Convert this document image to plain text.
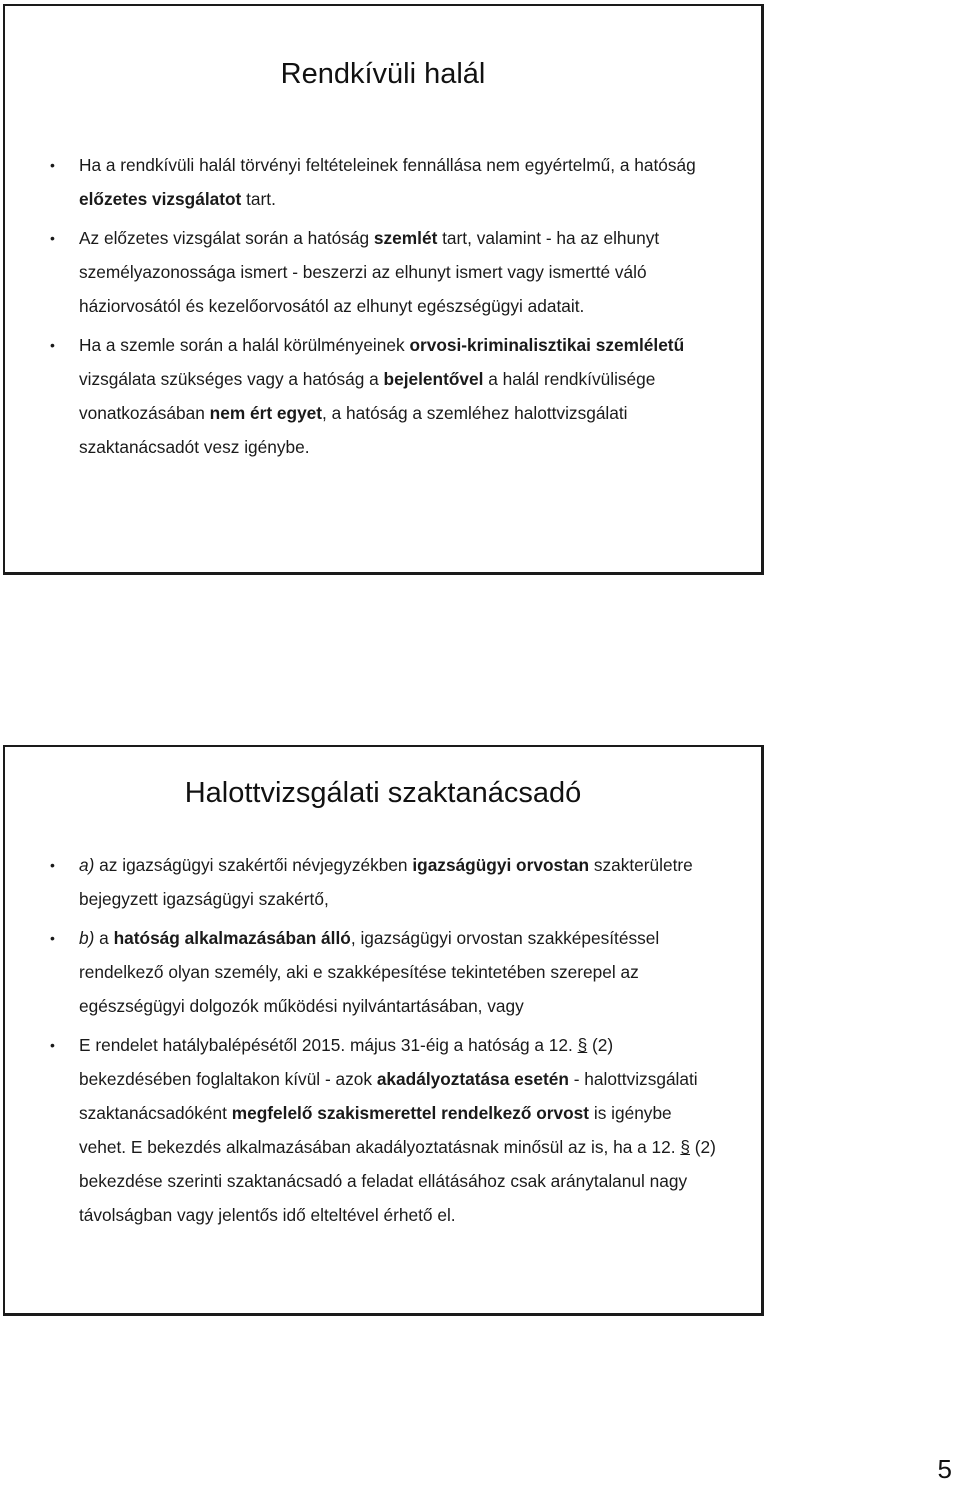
Rendkívüli halál
• Ha a rendkívüli halál törvényi feltételeinek fennállása nem egyértelmű, a hatóság előzetes vizsgálatot tart.
• Az előzetes vizsgálat során a hatóság szemlét tart, valamint - ha az elhunyt személyazonossága ismert - beszerzi az elhunyt ismert vagy ismertté váló háziorvosától és kezelőorvosától az elhunyt egészségügyi adatait.
• Ha a szemle során a halál körülményeinek orvosi-kriminalisztikai szemléletű vizsgálata szükséges vagy a hatóság a bejelentővel a halál rendkívülisége vonatkozásában nem ért egyet, a hatóság a szemléhez halottvizsgálati szaktanácsadót vesz igénybe.
Halottvizsgálati szaktanácsadó
• a) az igazságügyi szakértői névjegyzékben igazságügyi orvostan szakterületre bejegyzett igazságügyi szakértő,
• b) a hatóság alkalmazásában álló, igazságügyi orvostan szakképesítéssel rendelkező olyan személy, aki e szakképesítése tekintetében szerepel az egészségügyi dolgozók működési nyilvántartásában, vagy
• E rendelet hatálybalépésétől 2015. május 31-éig a hatóság a 12. § (2) bekezdésében foglaltakon kívül - azok akadályoztatása esetén - halottvizsgálati szaktanácsadóként megfelelő szakismerettel rendelkező orvost is igénybe vehet. E bekezdés alkalmazásában akadályoztatásnak minősül az is, ha a 12. § (2) bekezdése szerinti szaktanácsadó a feladat ellátásához csak aránytalanul nagy távolságban vagy jelentős idő elteltével érhető el.
5
